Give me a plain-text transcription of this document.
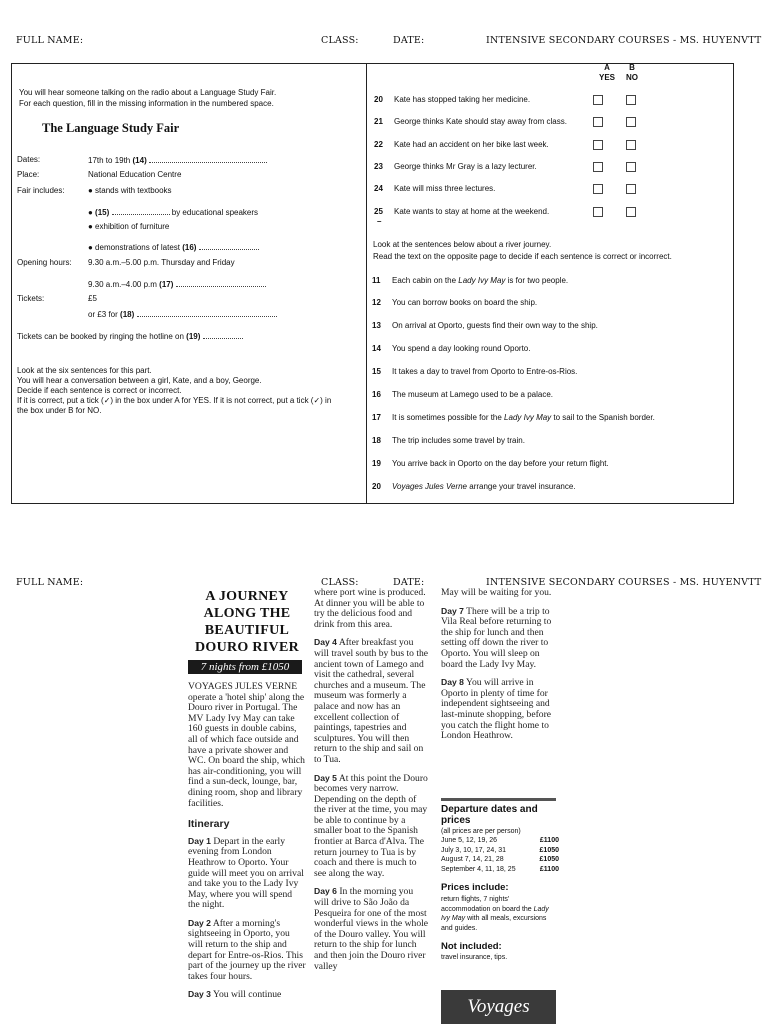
FULL NAME:	CLASS:	DATE:	INTENSIVE SECONDARY COURSES - MS. HUYENVTT
You will hear someone talking on the radio about a Language Study Fair.
For each question, fill in the missing information in the numbered space.
The Language Study Fair
Dates:	17th to 19th (14)
Place:	National Education Centre
Fair includes:	● stands with textbooks
● (15)	by educational speakers
● exhibition of furniture
● demonstrations of latest (16)
Opening hours: 9.30 a.m.–5.00 p.m. Thursday and Friday
9.30 a.m.–4.00 p.m (17)
Tickets:	£5
or £3 for (18)
Tickets can be booked by ringing the hotline on (19)
Look at the six sentences for this part.
You will hear a conversation between a girl, Kate, and a boy, George.
Decide if each sentence is correct or incorrect.
If it is correct, put a tick (✓) in the box under A for YES. If it is not correct, put a tick (✓) in
the box under B for NO.
A
YES
B
NO
20 Kate has stopped taking her medicine.
21 George thinks Kate should stay away from class.
22 Kate had an accident on her bike last week.
23 George thinks Mr Gray is a lazy lecturer.
24 Kate will miss three lectures.
25 Kate wants to stay at home at the weekend.
–
Look at the sentences below about a river journey.
Read the text on the opposite page to decide if each sentence is correct or incorrect.
11 Each cabin on the Lady Ivy May is for two people.
12 You can borrow books on board the ship.
13 On arrival at Oporto, guests find their own way to the ship.
14 You spend a day looking round Oporto.
15 It takes a day to travel from Oporto to Entre-os-Rios.
16 The museum at Lamego used to be a palace.
17 It is sometimes possible for the Lady Ivy May to sail to the Spanish border.
18 The trip includes some travel by train.
19 You arrive back in Oporto on the day before your return flight.
20 Voyages Jules Verne arrange your travel insurance.
FULL NAME:	CLASS:	DATE:	INTENSIVE SECONDARY COURSES - MS. HUYENVTT
A JOURNEY
ALONG THE
BEAUTIFUL
DOURO RIVER
7 nights from £1050

VOYAGES JULES VERNE operate a 'hotel ship' along the Douro river in Portugal. The MV Lady Ivy May can take 160 guests in double cabins, all of which face outside and have a private shower and WC. On board the ship, which has air-conditioning, you will find a sun-deck, lounge, bar, dining room, shop and library facilities.

Itinerary

Day 1 Depart in the early evening from London Heathrow to Oporto. Your guide will meet you on arrival and take you to the Lady Ivy May, where you will spend the night.

Day 2 After a morning's sightseeing in Oporto, you will return to the ship and depart for Entre-os-Rios. This part of the journey up the river takes four hours.

Day 3 You will continue

where port wine is produced. At dinner you will be able to try the delicious food and drink from this area.

Day 4 After breakfast you will travel south by bus to the ancient town of Lamego and visit the cathedral, several churches and a museum. The museum was formerly a palace and now has an excellent collection of paintings, tapestries and sculptures. You will then return to the ship and sail on to Tua.

Day 5 At this point the Douro becomes very narrow. Depending on the depth of the river at the time, you may be able to continue by a smaller boat to the Spanish frontier at Barca d'Alva. The return journey to Tua is by coach and there is much to see along the way.

Day 6 In the morning you will drive to São João da Pesqueira for one of the most wonderful views in the whole of the Douro valley. You will return to the ship for lunch and then join the Douro river valley

May will be waiting for you.

Day 7 There will be a trip to Vila Real before returning to the ship for lunch and then setting off down the river to Oporto. You will sleep on board the Lady Ivy May.

Day 8 You will arrive in Oporto in plenty of time for independent sightseeing and last-minute shopping, before you catch the flight home to London Heathrow.

Departure dates and prices
(all prices are per person)
June 5, 12, 19, 26	£1100
July 3, 10, 17, 24, 31	£1050
August 7, 14, 21, 28	£1050
September 4, 11, 18, 25	£1100
Prices include:
return flights, 7 nights' accommodation on board the Lady Ivy May with all meals, excursions and guides.
Not included:
travel insurance, tips.
Voyages
